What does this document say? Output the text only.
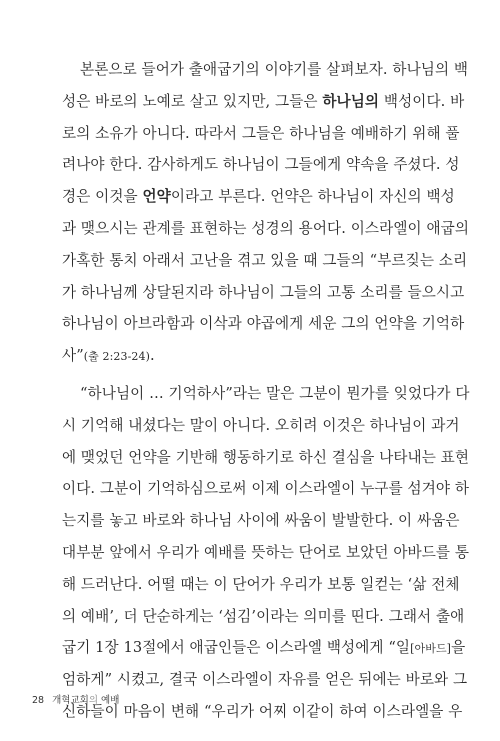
본론으로 들어가 출애굽기의 이야기를 살펴보자. 하나님의 백
성은 바로의 노예로 살고 있지만, 그들은 하나님의 백성이다. 바
로의 소유가 아니다. 따라서 그들은 하나님을 예배하기 위해 풀
려나야 한다. 감사하게도 하나님이 그들에게 약속을 주셨다. 성
경은 이것을 언약이라고 부른다. 언약은 하나님이 자신의 백성
과 맺으시는 관계를 표현하는 성경의 용어다. 이스라엘이 애굽의
가혹한 통치 아래서 고난을 겪고 있을 때 그들의 “부르짖는 소리
가 하나님께 상달된지라 하나님이 그들의 고통 소리를 들으시고
하나님이 아브라함과 이삭과 야곱에게 세운 그의 언약을 기억하
사”(출 2:23-24).
“하나님이 … 기억하사”라는 말은 그분이 뭔가를 잊었다가 다
시 기억해 내셨다는 말이 아니다. 오히려 이것은 하나님이 과거
에 맺었던 언약을 기반해 행동하기로 하신 결심을 나타내는 표현
이다. 그분이 기억하심으로써 이제 이스라엘이 누구를 섬겨야 하
는지를 놓고 바로와 하나님 사이에 싸움이 발발한다. 이 싸움은
대부분 앞에서 우리가 예배를 뜻하는 단어로 보았던 아바드를 통
해 드러난다. 어떨 때는 이 단어가 우리가 보통 일컫는 ‘삶 전체
의 예배’, 더 단순하게는 ‘섬김’이라는 의미를 띤다. 그래서 출애
굽기 1장 13절에서 애굽인들은 이스라엘 백성에게 “일[아바드]을
엄하게” 시켰고, 결국 이스라엘이 자유를 얻은 뒤에는 바로와 그
신하들이 마음이 변해 “우리가 어찌 이같이 하여 이스라엘을 우
28 개혁교회의 예배
